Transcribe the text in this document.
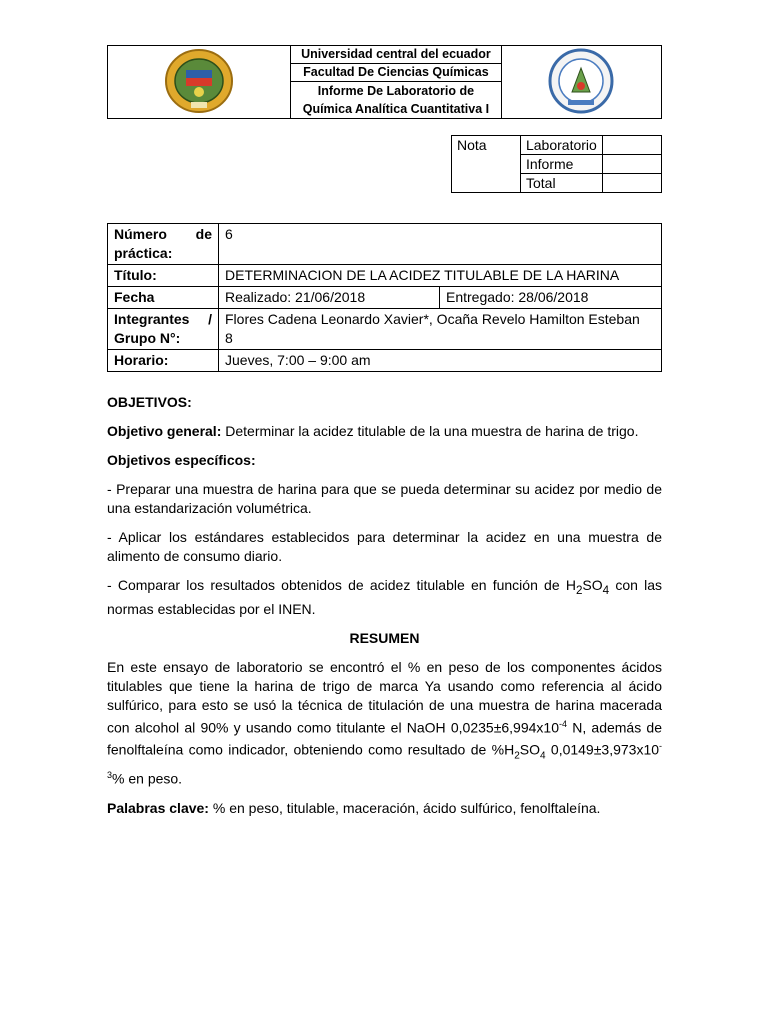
Universidad central del ecuador
Facultad De Ciencias Químicas
Informe De Laboratorio de
Química Analítica Cuantitativa I

Nota	Laboratorio	
	Informe	
	Total	
Número de
práctica:	6	
Título:	DETERMINACION DE LA ACIDEZ TITULABLE DE LA HARINA	
Fecha	Realizado: 21/06/2018	Entregado: 28/06/2018

Integrantes /
Grupo N°:	Flores Cadena Leonardo Xavier*, Ocaña Revelo Hamilton Esteban
8	
Horario:	Jueves, 7:00 – 9:00 am	

OBJETIVOS:

Objetivo general: Determinar la acidez titulable de la una muestra de harina de trigo.

Objetivos específicos:

- Preparar una muestra de harina para que se pueda determinar su acidez por medio de una estandarización volumétrica.

- Aplicar los estándares establecidos para determinar la acidez en una muestra de alimento de consumo diario.

- Comparar los resultados obtenidos de acidez titulable en función de $H_2SO_4$ con las normas establecidas por el INEN.

RESUMEN

En este ensayo de laboratorio se encontró el % en peso de los componentes ácidos titulables que tiene la harina de trigo de marca Ya usando como referencia al ácido sulfúrico, para esto se usó la técnica de titulación de una muestra de harina macerada con alcohol al 90% y usando como titulante el NaOH $0,0235\pm 6,994x10^{-4}$ N, además de fenolftaleína como indicador, obteniendo como resultado de $\%H_2SO_4$ $0,0149\pm 3,973x10^{-3}\%$ en peso.

Palabras clave: % en peso, titulable, maceración, ácido sulfúrico, fenolftaleína.
